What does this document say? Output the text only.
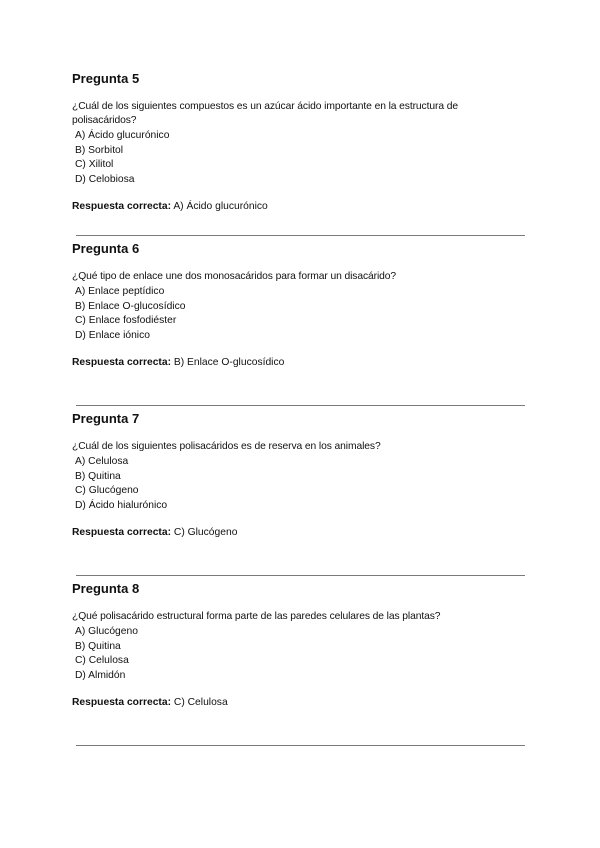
Pregunta 5
¿Cuál de los siguientes compuestos es un azúcar ácido importante en la estructura de polisacáridos?
A) Ácido glucurónico
B) Sorbitol
C) Xilitol
D) Celobiosa
Respuesta correcta: A) Ácido glucurónico
Pregunta 6
¿Qué tipo de enlace une dos monosacáridos para formar un disacárido?
A) Enlace peptídico
B) Enlace O-glucosídico
C) Enlace fosfodiéster
D) Enlace iónico
Respuesta correcta: B) Enlace O-glucosídico
Pregunta 7
¿Cuál de los siguientes polisacáridos es de reserva en los animales?
A) Celulosa
B) Quitina
C) Glucógeno
D) Ácido hialurónico
Respuesta correcta: C) Glucógeno
Pregunta 8
¿Qué polisacárido estructural forma parte de las paredes celulares de las plantas?
A) Glucógeno
B) Quitina
C) Celulosa
D) Almidón
Respuesta correcta: C) Celulosa
